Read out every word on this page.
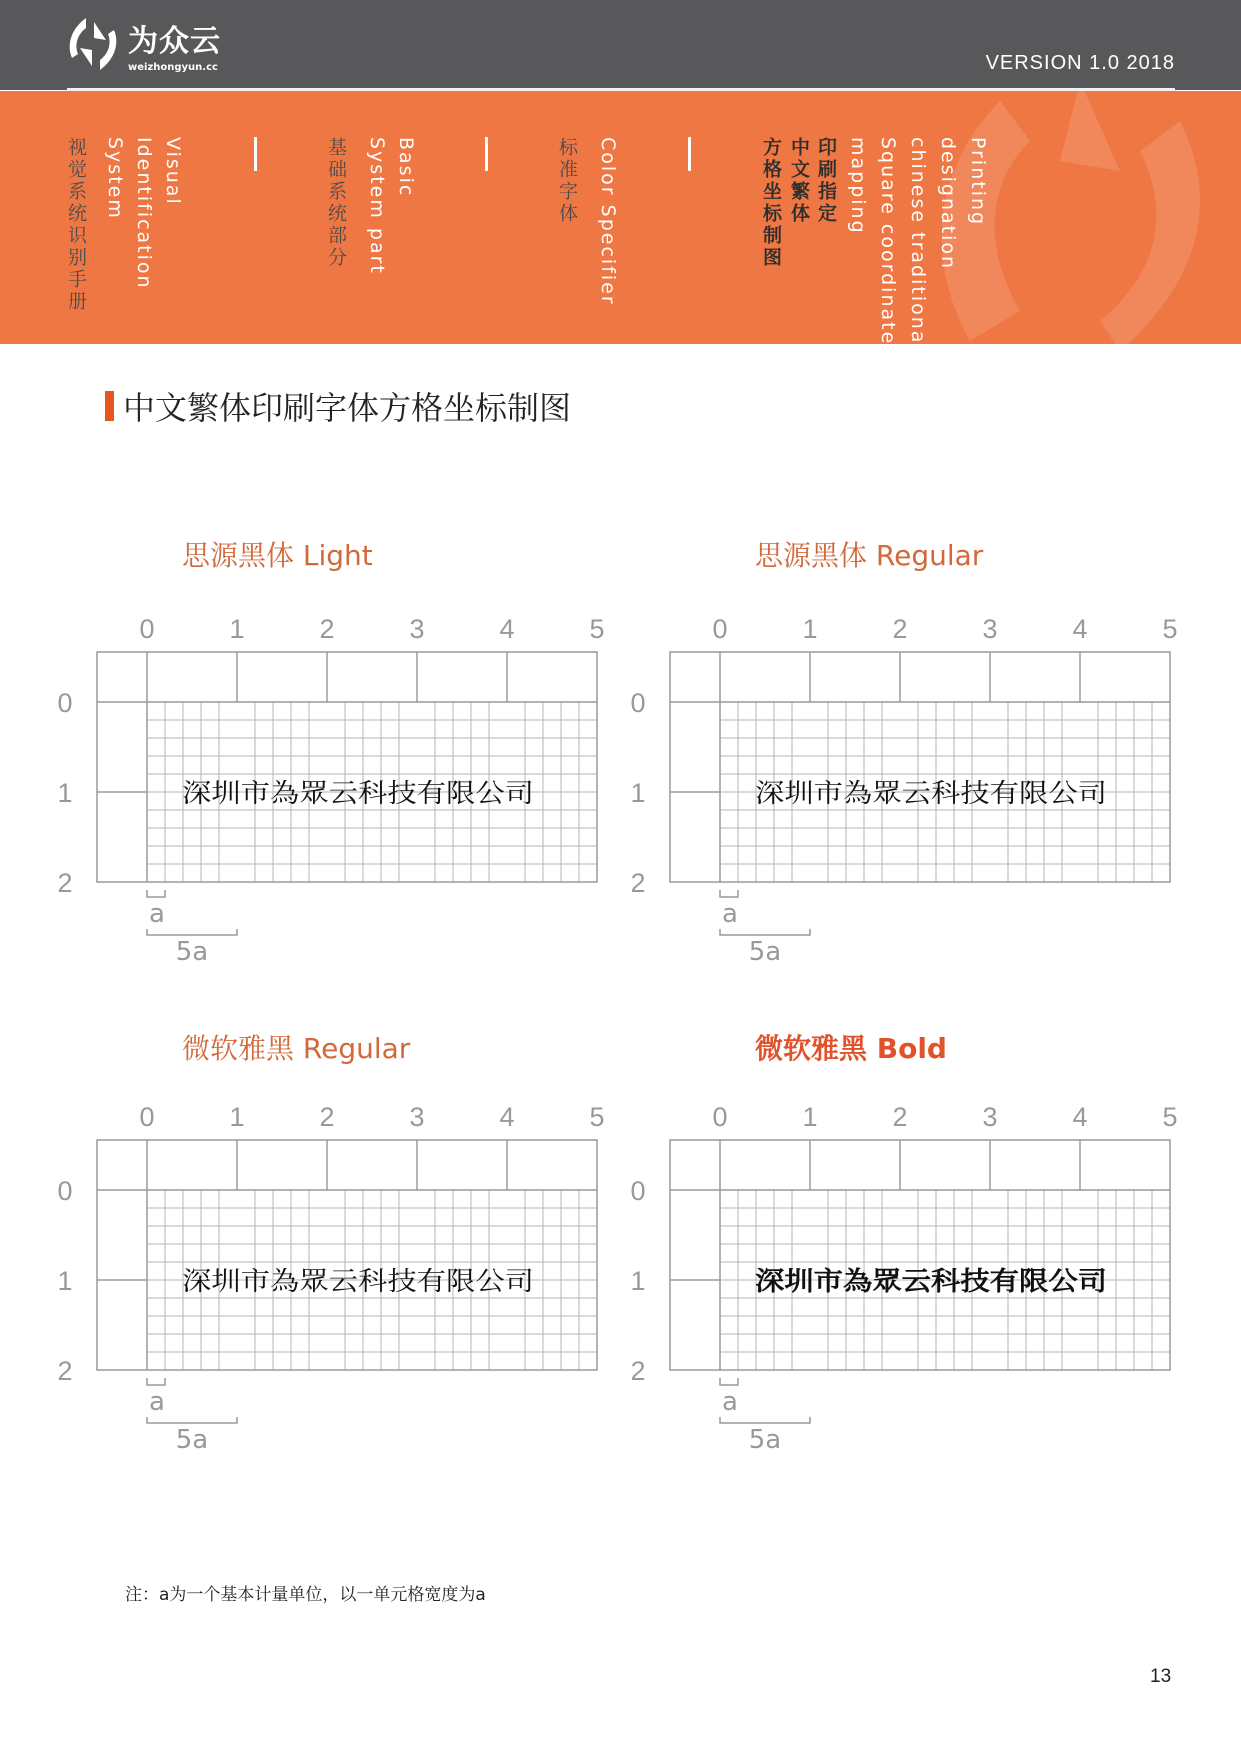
为众云
weizhongyun.cc	VERSION 1.0 2018
视觉系统识别手册 System Identification Visual	基础系统部分 System part Basic	标准字体 Color Specifier	方格坐标制图 中文繁体 印刷指定 mapping Square coordinate chinese traditional designation Printing
中文繁体印刷字体方格坐标制图
思源黑体 Light	思源黑体 Regular
微软雅黑 Regular	微软雅黑 Bold
0	1	2	3	4	5
0
1
2
a
5a
深圳市為眾云科技有限公司
0	1	2	3	4	5
0
1
2
a
5a
深圳市為眾云科技有限公司
0	1	2	3	4	5
0
1
2
a
5a
深圳市為眾云科技有限公司
0	1	2	3	4	5
0
1
2
a
5a
深圳市為眾云科技有限公司
注：a为一个基本计量单位，以一单元格宽度为a
13
